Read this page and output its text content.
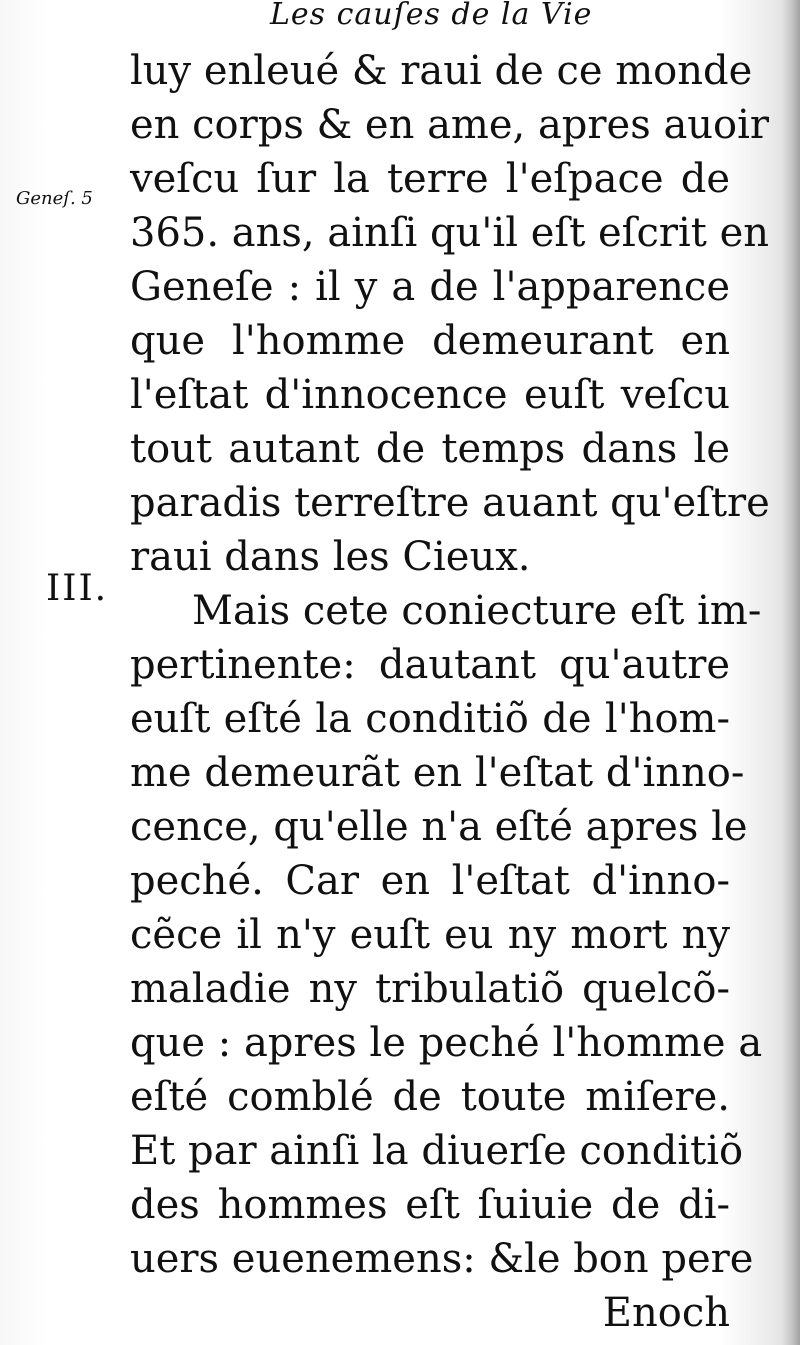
Les cauſes de la Vie
Geneſ. 5
III.
luy enleué & raui de ce monde
en corps & en ame, apres auoir
veſcu ſur la terre l'eſpace de
365. ans, ainſi qu'il eſt eſcrit en
Geneſe : il y a de l'apparence
que l'homme demeurant en
l'eſtat d'innocence euſt veſcu
tout autant de temps dans le
paradis terreſtre auant qu'eſtre
raui dans les Cieux.
Mais cete coniecture eſt im-
pertinente: dautant qu'autre
euſt eſté la conditiõ de l'hom-
me demeurãt en l'eſtat d'inno-
cence, qu'elle n'a eſté apres le
peché. Car en l'eſtat d'inno-
cẽce il n'y euſt eu ny mort ny
maladie ny tribulatiõ quelcõ-
que : apres le peché l'homme a
eſté comblé de toute miſere.
Et par ainſi la diuerſe conditiõ
des hommes eſt ſuiuie de di-
uers euenemens: &le bon pere
Enoch
